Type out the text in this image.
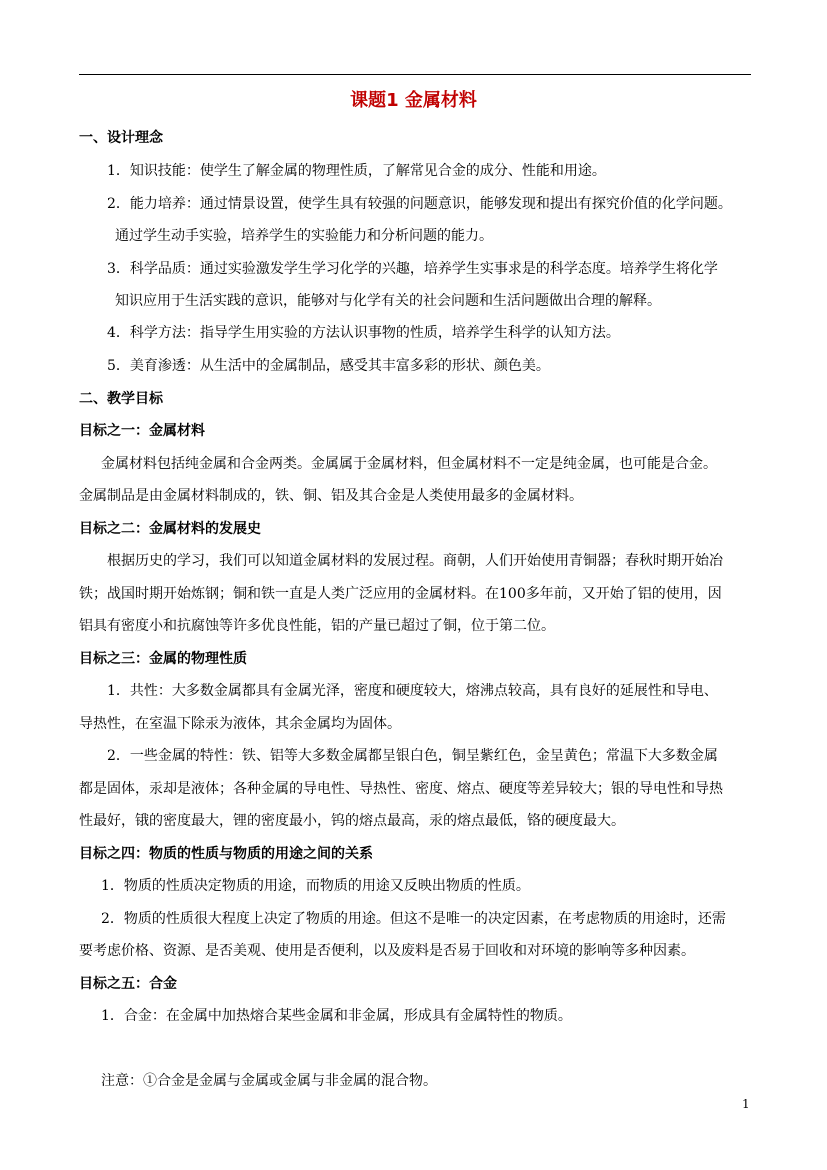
课题1 金属材料
一、设计理念
1．知识技能：使学生了解金属的物理性质，了解常见合金的成分、性能和用途。
2．能力培养：通过情景设置，使学生具有较强的问题意识，能够发现和提出有探究价值的化学问题。
通过学生动手实验，培养学生的实验能力和分析问题的能力。
3．科学品质：通过实验激发学生学习化学的兴趣，培养学生实事求是的科学态度。培养学生将化学
知识应用于生活实践的意识，能够对与化学有关的社会问题和生活问题做出合理的解释。
4．科学方法：指导学生用实验的方法认识事物的性质，培养学生科学的认知方法。
5．美育渗透：从生活中的金属制品，感受其丰富多彩的形状、颜色美。
二、教学目标
目标之一：金属材料
金属材料包括纯金属和合金两类。金属属于金属材料，但金属材料不一定是纯金属，也可能是合金。
金属制品是由金属材料制成的，铁、铜、铝及其合金是人类使用最多的金属材料。
目标之二：金属材料的发展史
根据历史的学习，我们可以知道金属材料的发展过程。商朝，人们开始使用青铜器；春秋时期开始冶
铁；战国时期开始炼钢；铜和铁一直是人类广泛应用的金属材料。在100多年前，又开始了铝的使用，因
铝具有密度小和抗腐蚀等许多优良性能，铝的产量已超过了铜，位于第二位。
目标之三：金属的物理性质
1．共性：大多数金属都具有金属光泽，密度和硬度较大，熔沸点较高，具有良好的延展性和导电、
导热性，在室温下除汞为液体，其余金属均为固体。
2．一些金属的特性：铁、铝等大多数金属都呈银白色，铜呈紫红色，金呈黄色；常温下大多数金属
都是固体，汞却是液体；各种金属的导电性、导热性、密度、熔点、硬度等差异较大；银的导电性和导热
性最好，锇的密度最大，锂的密度最小，钨的熔点最高，汞的熔点最低，铬的硬度最大。
目标之四：物质的性质与物质的用途之间的关系
1．物质的性质决定物质的用途，而物质的用途又反映出物质的性质。
2．物质的性质很大程度上决定了物质的用途。但这不是唯一的决定因素，在考虑物质的用途时，还需
要考虑价格、资源、是否美观、使用是否便利，以及废料是否易于回收和对环境的影响等多种因素。
目标之五：合金
1．合金：在金属中加热熔合某些金属和非金属，形成具有金属特性的物质。
注意：①合金是金属与金属或金属与非金属的混合物。
1
